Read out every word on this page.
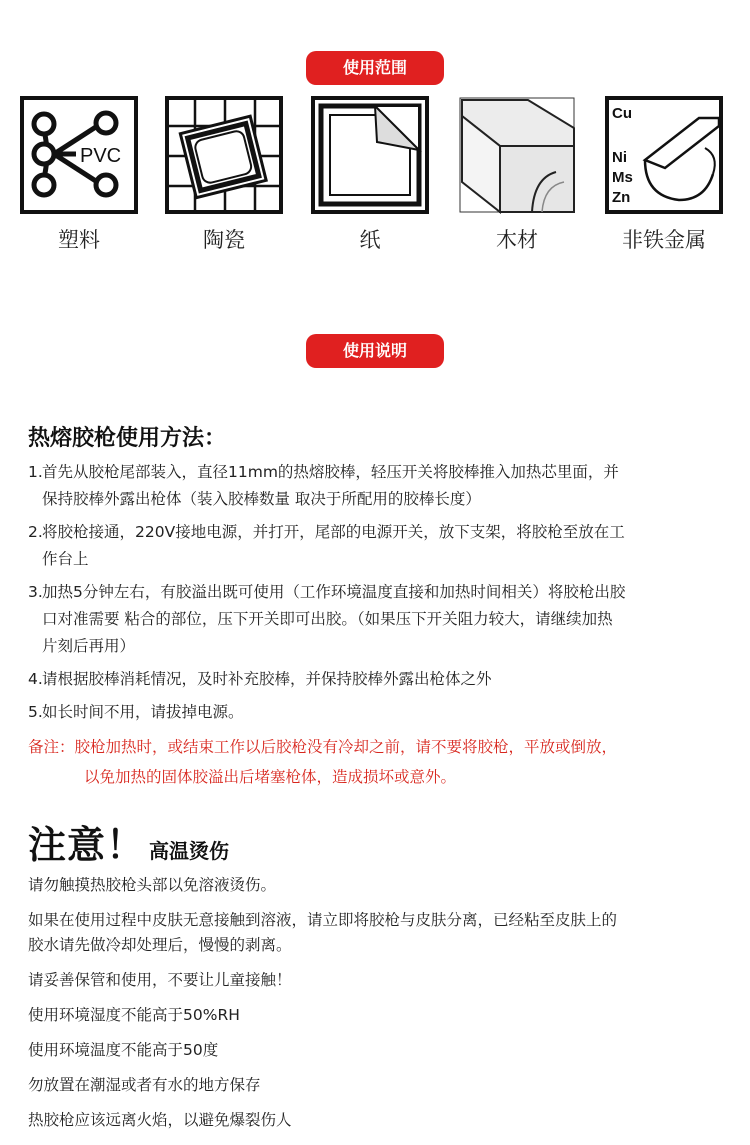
使用范围
PVC
塑料	陶瓷	纸	木材
Cu
Ni
Ms
Zn
非铁金属
使用说明
热熔胶枪使用方法：
1.首先从胶枪尾部装入，直径11mm的热熔胶棒，轻压开关将胶棒推入加热芯里面，并
保持胶棒外露出枪体（装入胶棒数量 取决于所配用的胶棒长度）
2.将胶枪接通，220V接地电源，并打开，尾部的电源开关，放下支架，将胶枪至放在工
作台上
3.加热5分钟左右，有胶溢出既可使用（工作环境温度直接和加热时间相关）将胶枪出胶
口对准需要 粘合的部位，压下开关即可出胶。（如果压下开关阻力较大，请继续加热
片刻后再用）
4.请根据胶棒消耗情况，及时补充胶棒，并保持胶棒外露出枪体之外
5.如长时间不用，请拔掉电源。
备注：胶枪加热时，或结束工作以后胶枪没有冷却之前，请不要将胶枪，平放或倒放，
以免加热的固体胶溢出后堵塞枪体，造成损坏或意外。
注意！ 高温烫伤
请勿触摸热胶枪头部以免溶液烫伤。
如果在使用过程中皮肤无意接触到溶液，请立即将胶枪与皮肤分离，已经粘至皮肤上的
胶水请先做冷却处理后，慢慢的剥离。
请妥善保管和使用，不要让儿童接触！
使用环境湿度不能高于50%RH
使用环境温度不能高于50度
勿放置在潮湿或者有水的地方保存
热胶枪应该远离火焰，以避免爆裂伤人
